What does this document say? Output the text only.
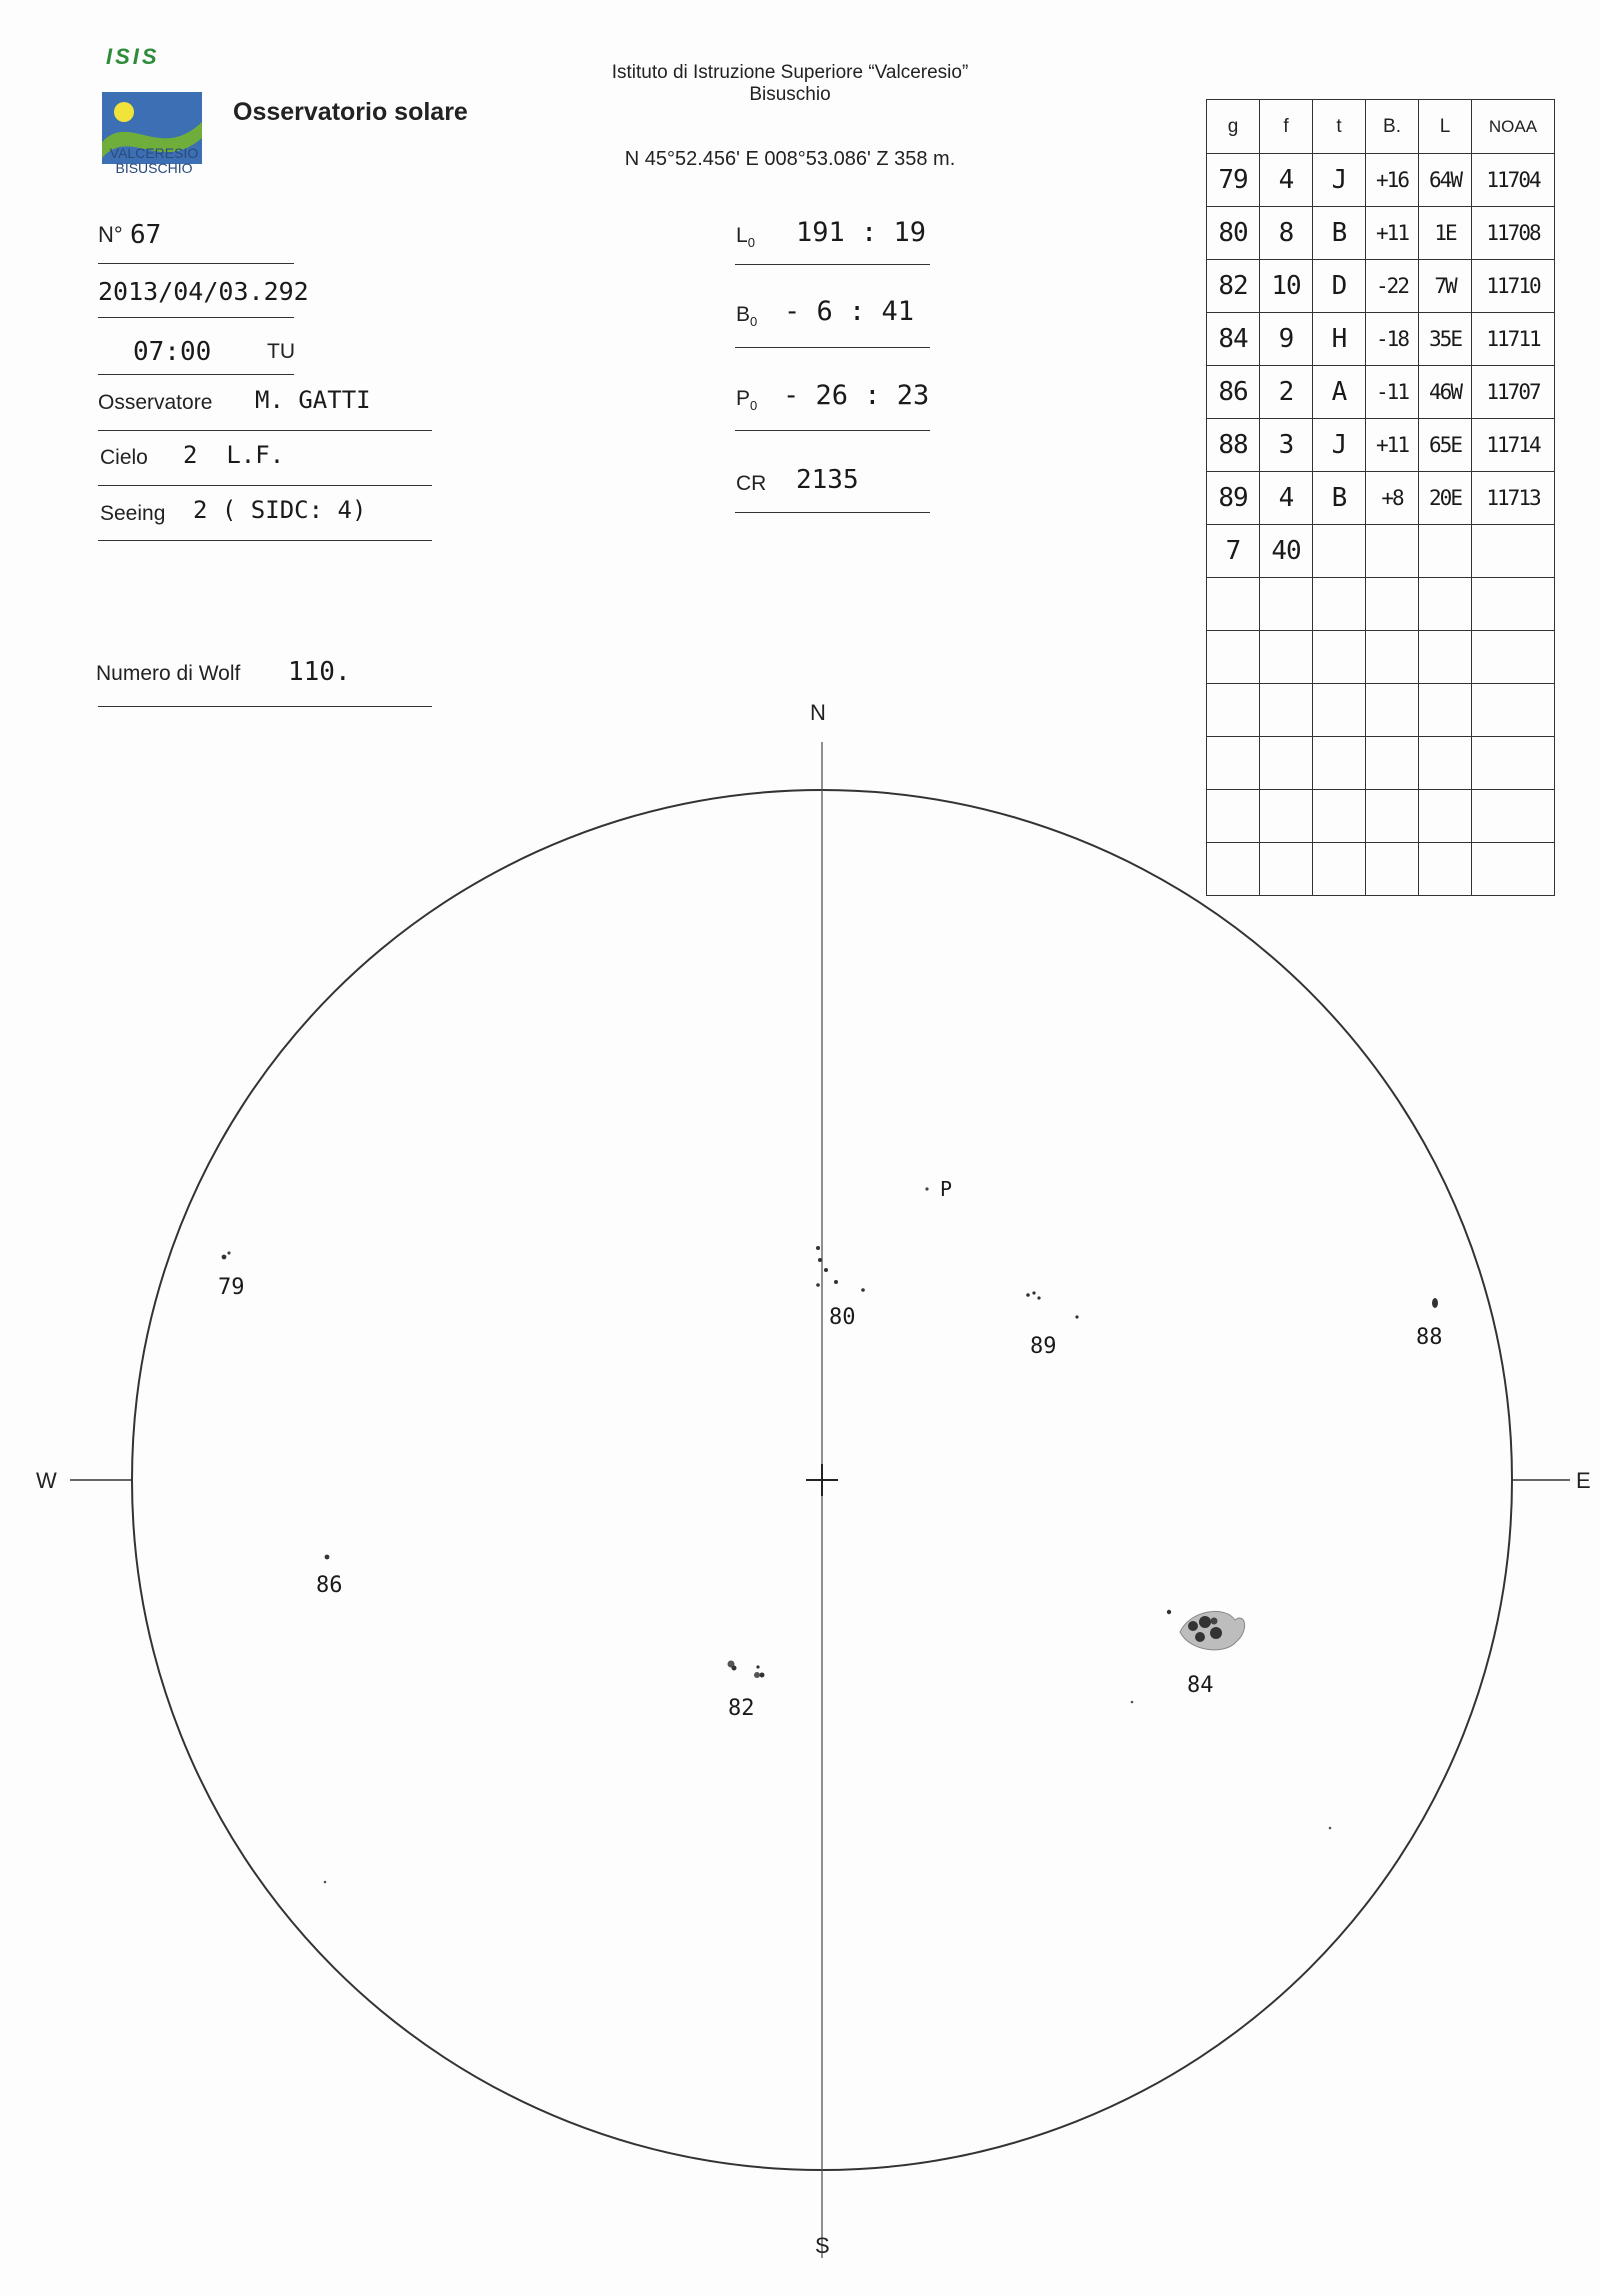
ISIS
VALCERESIO
BISUSCHIO
Osservatorio solare
Istituto di Istruzione Superiore “Valceresio”
Bisuschio
N 45°52.456' E 008°53.086' Z 358 m.
N° 67
2013/04/03.292
07:00	TU
Osservatore M. GATTI
Cielo 2  L.F.
Seeing 2 ( SIDC: 4)
Numero di Wolf 110.
$L_0$ 191 : 19
$B_0 - 6$ : 41
$P_0 - 26$ : 23
CR 2135
g	f	t	B.	L	NOAA
79	4	J	+16	64W	11704
80	8	B	+11	1E	11708
82	10	D	-22	7W	11710
84	9	H	-18	35E	11711
86	2	A	-11	46W	11707
88	3	J	+11	65E	11714
89	4	B	+8	20E	11713
7	40				

N
S
W	E
P
79
80
89	88
86
82
84
